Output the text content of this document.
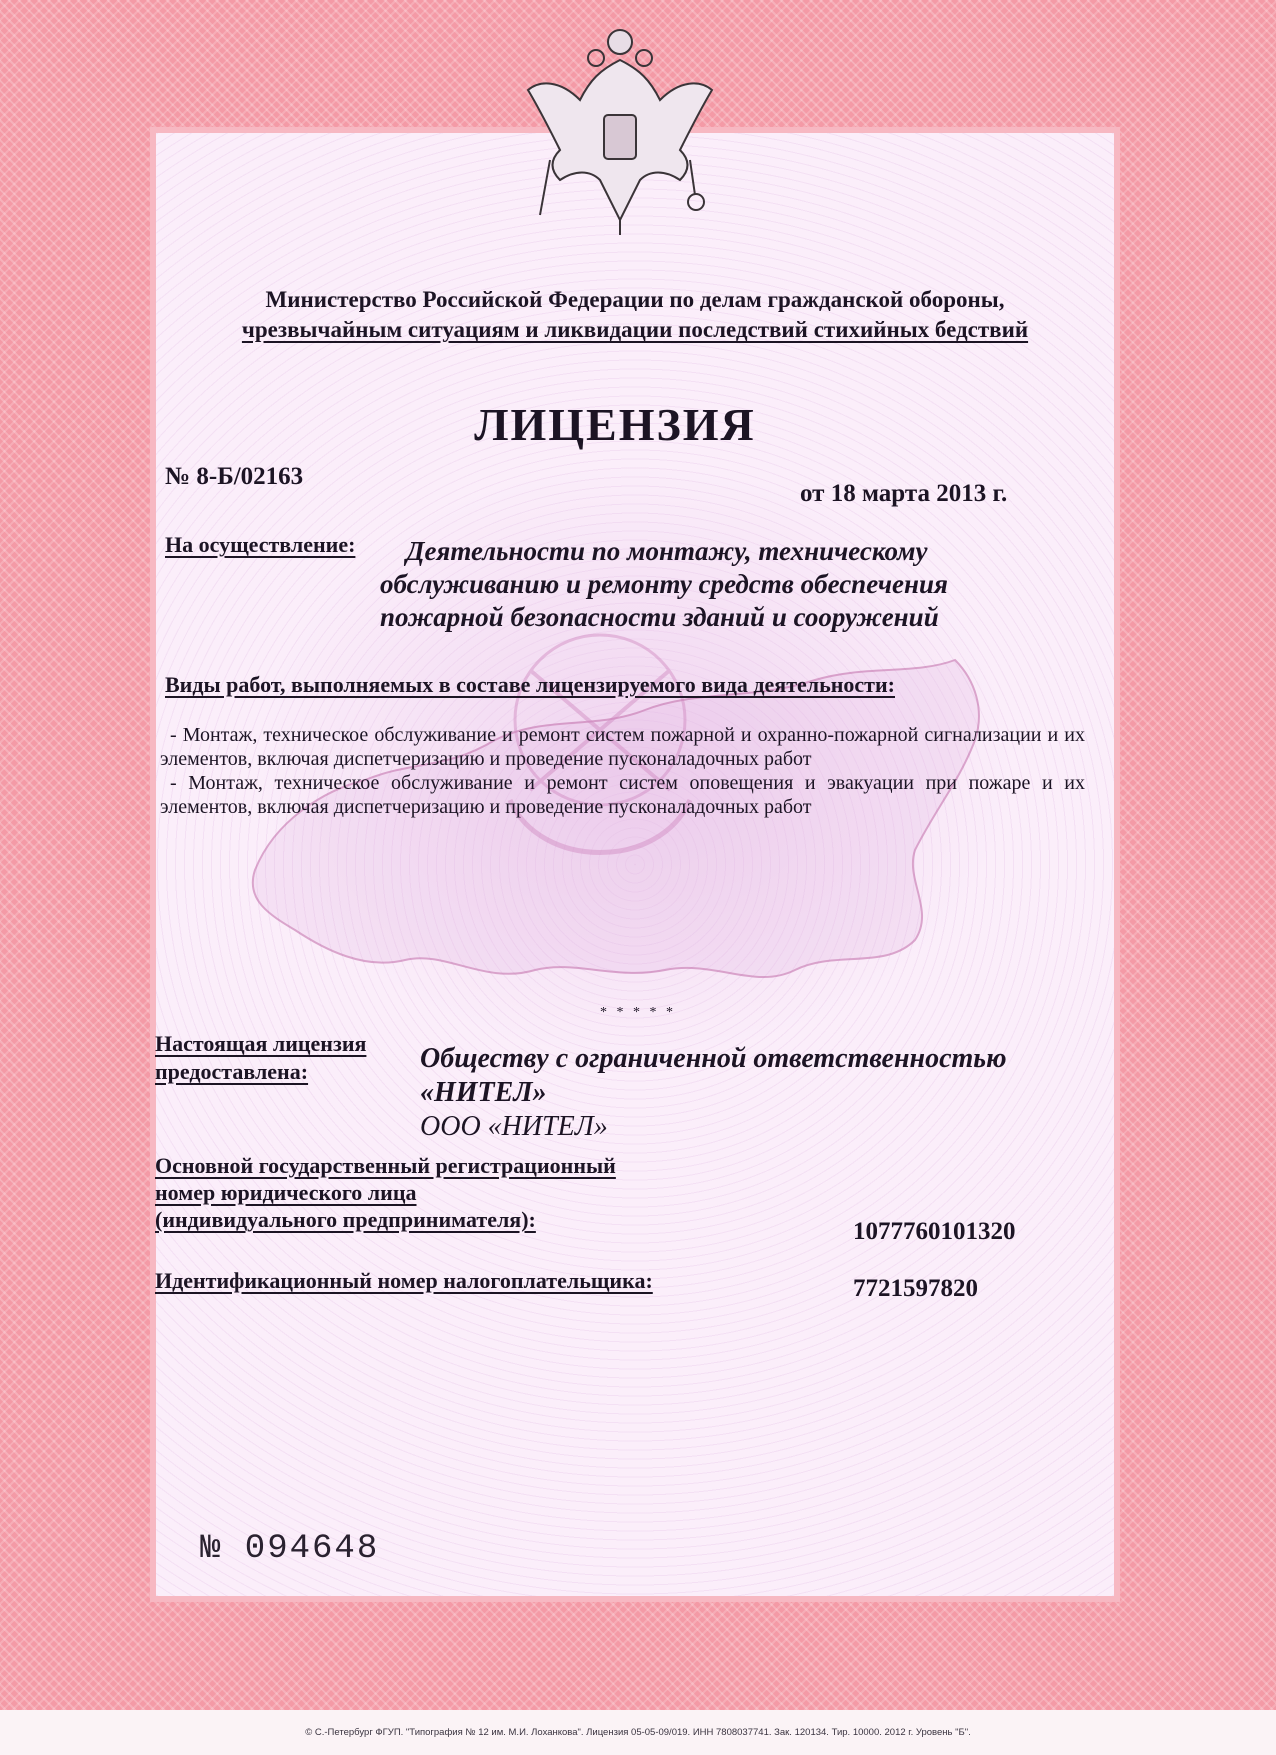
Министерство Российской Федерации по делам гражданской обороны,
чрезвычайным ситуациям и ликвидации последствий стихийных бедствий
ЛИЦЕНЗИЯ
№ 8-Б/02163
от 18 марта 2013 г.
На осуществление:	Деятельности по монтажу, техническому
обслуживанию и ремонту средств обеспечения
пожарной безопасности зданий и сооружений
Виды работ, выполняемых в составе лицензируемого вида деятельности:

- Монтаж, техническое обслуживание и ремонт систем пожарной и охранно-пожарной сигнализации и их элементов, включая диспетчеризацию и проведение пусконаладочных работ

- Монтаж, техническое обслуживание и ремонт систем оповещения и эвакуации при пожаре и их элементов, включая диспетчеризацию и проведение пусконаладочных работ

* * * * *
Настоящая лицензия
предоставлена:	Обществу с ограниченной ответственностью
«НИТЕЛ»
ООО «НИТЕЛ»
Основной государственный регистрационный
номер юридического лица
(индивидуального предпринимателя):	1077760101320
Идентификационный номер налогоплательщика:	7721597820
№ 094648
© С.-Петербург ФГУП. "Типография № 12 им. М.И. Лоханкова". Лицензия 05-05-09/019. ИНН 7808037741. Зак. 120134. Тир. 10000. 2012 г. Уровень "Б".
